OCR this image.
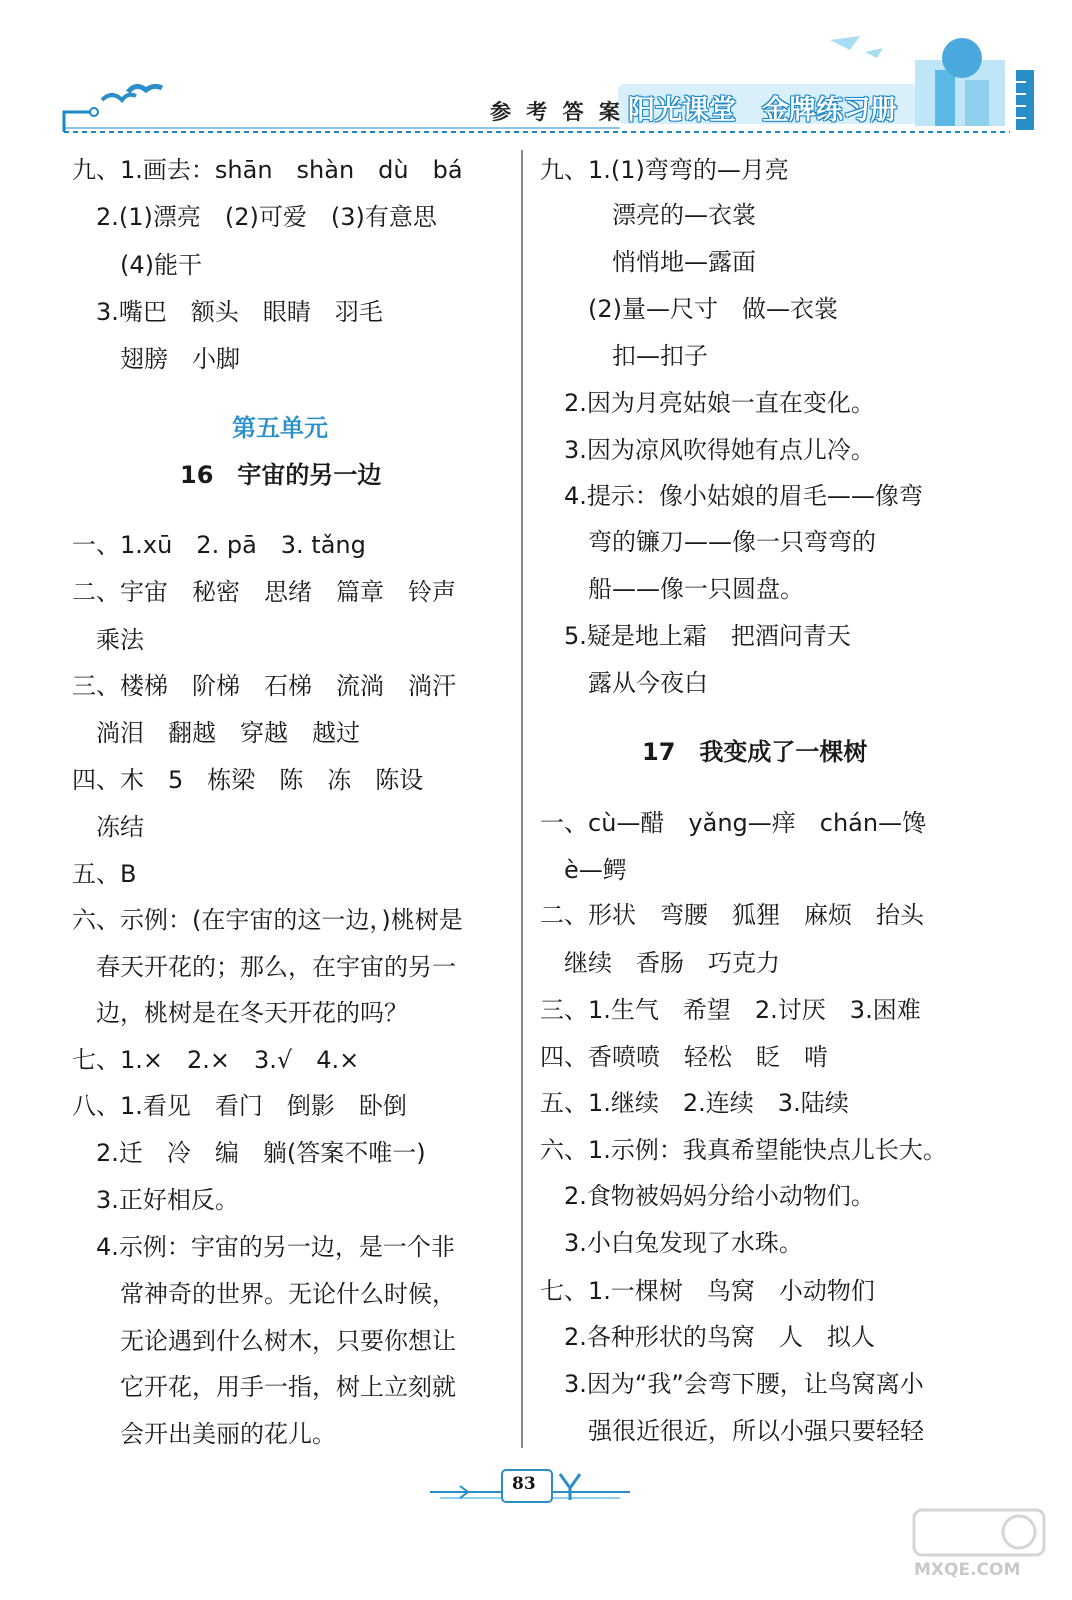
参 考 答 案 阳光课堂 金牌练习册
九、1.画去：shān　shàn　dù　bá
　2.(1)漂亮　(2)可爱　(3)有意思
　　(4)能干
　3.嘴巴　额头　眼睛　羽毛
　　翅膀　小脚
第五单元
16　宇宙的另一边
一、1.xū　2. pā　3. tǎng
二、宇宙　秘密　思绪　篇章　铃声
　乘法
三、楼梯　阶梯　石梯　流淌　淌汗
　淌泪　翻越　穿越　越过
四、木　5　栋梁　陈　冻　陈设
　冻结
五、B
六、示例：(在宇宙的这一边，)桃树是
　春天开花的；那么，在宇宙的另一
　边，桃树是在冬天开花的吗？
七、1.×　2.×　3.√　4.×
八、1.看见　看门　倒影　卧倒
　2.迁　冷　编　躺(答案不唯一)
　3.正好相反。
　4.示例：宇宙的另一边，是一个非
　　常神奇的世界。无论什么时候，
　　无论遇到什么树木，只要你想让
　　它开花，用手一指，树上立刻就
　　会开出美丽的花儿。
九、1.(1)弯弯的—月亮
　　　漂亮的—衣裳
　　　悄悄地—露面
　　(2)量—尺寸　做—衣裳
　　　扣—扣子
　2.因为月亮姑娘一直在变化。
　3.因为凉风吹得她有点儿冷。
　4.提示：像小姑娘的眉毛——像弯
　　弯的镰刀——像一只弯弯的
　　船——像一只圆盘。
　5.疑是地上霜　把酒问青天
　　露从今夜白
17　我变成了一棵树
一、cù—醋　yǎng—痒　chán—馋
　è—鳄
二、形状　弯腰　狐狸　麻烦　抬头
　继续　香肠　巧克力
三、1.生气　希望　2.讨厌　3.困难
四、香喷喷　轻松　眨　啃
五、1.继续　2.连续　3.陆续
六、1.示例：我真希望能快点儿长大。
　2.食物被妈妈分给小动物们。
　3.小白兔发现了水珠。
七、1.一棵树　鸟窝　小动物们
　2.各种形状的鸟窝　人　拟人
　3.因为“我”会弯下腰，让鸟窝离小
　　强很近很近，所以小强只要轻轻
83
MXQE.COM
